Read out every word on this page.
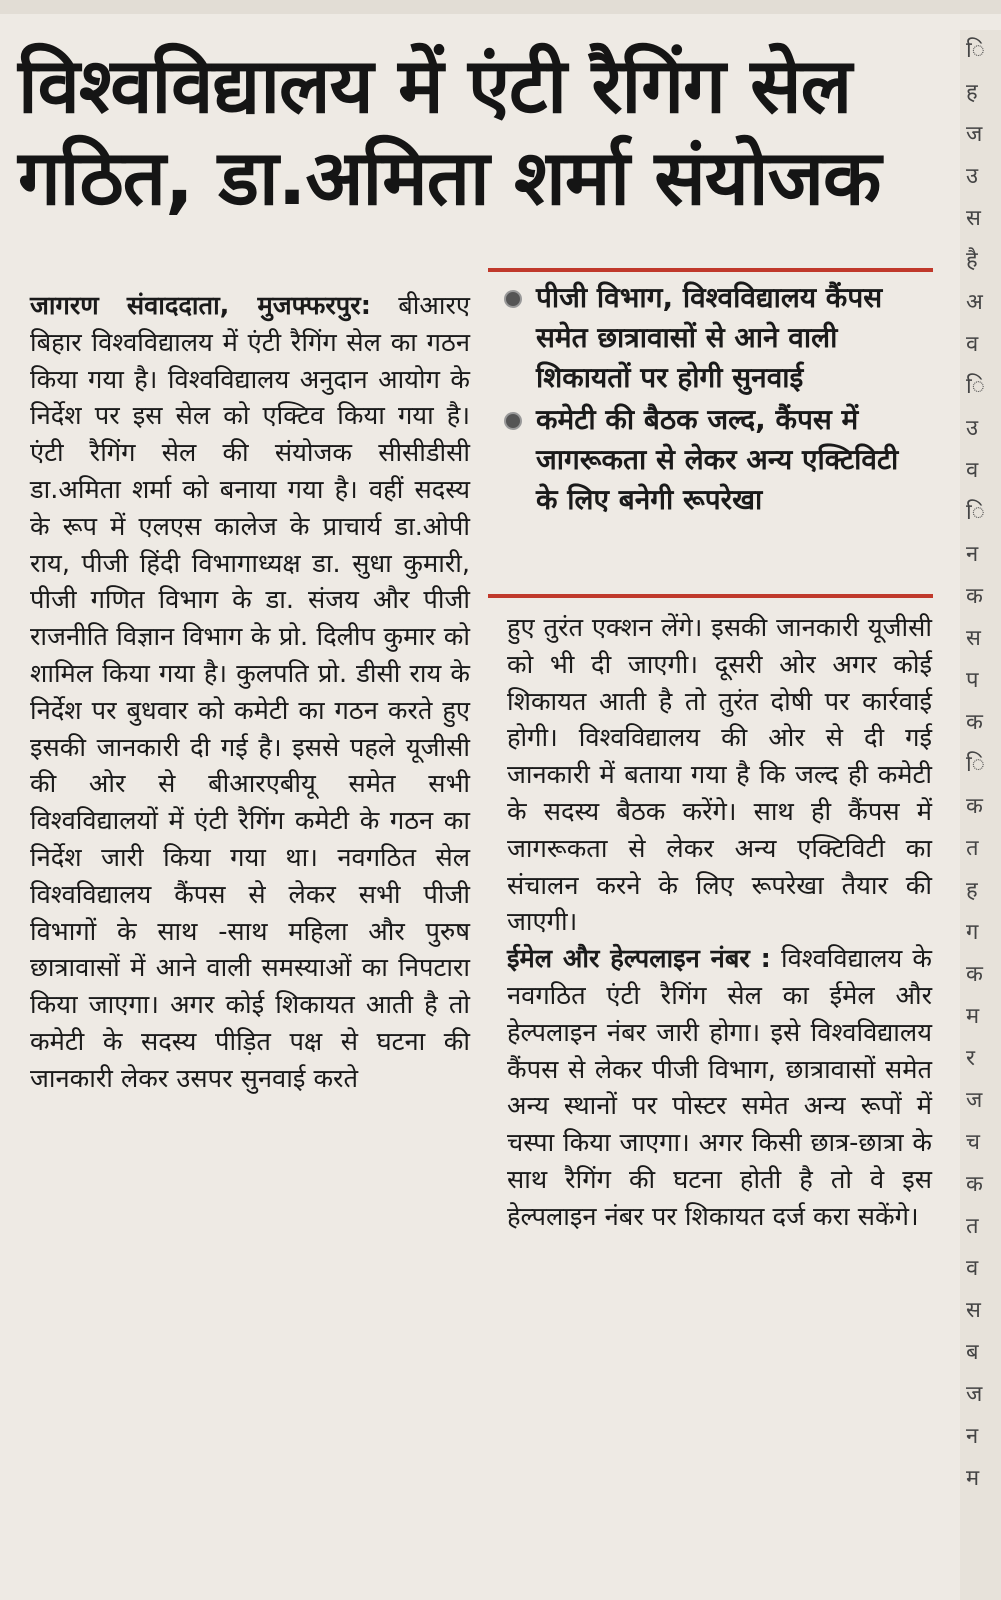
विश्वविद्यालय में एंटी रैगिंग सेल गठित, डा.अमिता शर्मा संयोजक
पीजी विभाग, विश्वविद्यालय कैंपस समेत छात्रावासों से आने वाली शिकायतों पर होगी सुनवाई
कमेटी की बैठक जल्द, कैंपस में जागरूकता से लेकर अन्य एक्टिविटी के लिए बनेगी रूपरेखा

जागरण संवाददाता, मुजफ्फरपुर: बीआरए बिहार विश्वविद्यालय में एंटी रैगिंग सेल का गठन किया गया है। विश्वविद्यालय अनुदान आयोग के निर्देश पर इस सेल को एक्टिव किया गया है। एंटी रैगिंग सेल की संयोजक सीसीडीसी डा.अमिता शर्मा को बनाया गया है। वहीं सदस्य के रूप में एलएस कालेज के प्राचार्य डा.ओपी राय, पीजी हिंदी विभागाध्यक्ष डा. सुधा कुमारी, पीजी गणित विभाग के डा. संजय और पीजी राजनीति विज्ञान विभाग के प्रो. दिलीप कुमार को शामिल किया गया है। कुलपति प्रो. डीसी राय के निर्देश पर बुधवार को कमेटी का गठन करते हुए इसकी जानकारी दी गई है। इससे पहले यूजीसी की ओर से बीआरएबीयू समेत सभी विश्वविद्यालयों में एंटी रैगिंग कमेटी के गठन का निर्देश जारी किया गया था। नवगठित सेल विश्वविद्यालय कैंपस से लेकर सभी पीजी विभागों के साथ -साथ महिला और पुरुष छात्रावासों में आने वाली समस्याओं का निपटारा किया जाएगा। अगर कोई शिकायत आती है तो कमेटी के सदस्य पीड़ित पक्ष से घटना की जानकारी लेकर उसपर सुनवाई करते

हुए तुरंत एक्शन लेंगे। इसकी जानकारी यूजीसी को भी दी जाएगी। दूसरी ओर अगर कोई शिकायत आती है तो तुरंत दोषी पर कार्रवाई होगी। विश्वविद्यालय की ओर से दी गई जानकारी में बताया गया है कि जल्द ही कमेटी के सदस्य बैठक करेंगे। साथ ही कैंपस में जागरूकता से लेकर अन्य एक्टिविटी का संचालन करने के लिए रूपरेखा तैयार की जाएगी।

ईमेल और हेल्पलाइन नंबर : विश्वविद्यालय के नवगठित एंटी रैगिंग सेल का ईमेल और हेल्पलाइन नंबर जारी होगा। इसे विश्वविद्यालय कैंपस से लेकर पीजी विभाग, छात्रावासों समेत अन्य स्थानों पर पोस्टर समेत अन्य रूपों में चस्पा किया जाएगा। अगर किसी छात्र-छात्रा के साथ रैगिंग की घटना होती है तो वे इस हेल्पलाइन नंबर पर शिकायत दर्ज करा सकेंगे।

ि
ह
ज
उ
स
है
अ
व
ि
उ
व
ि
न
क
स
प
क
ि
क
त
ह
ग
क
म
र
ज
च
क
त
व
स
ब
ज
न
म
